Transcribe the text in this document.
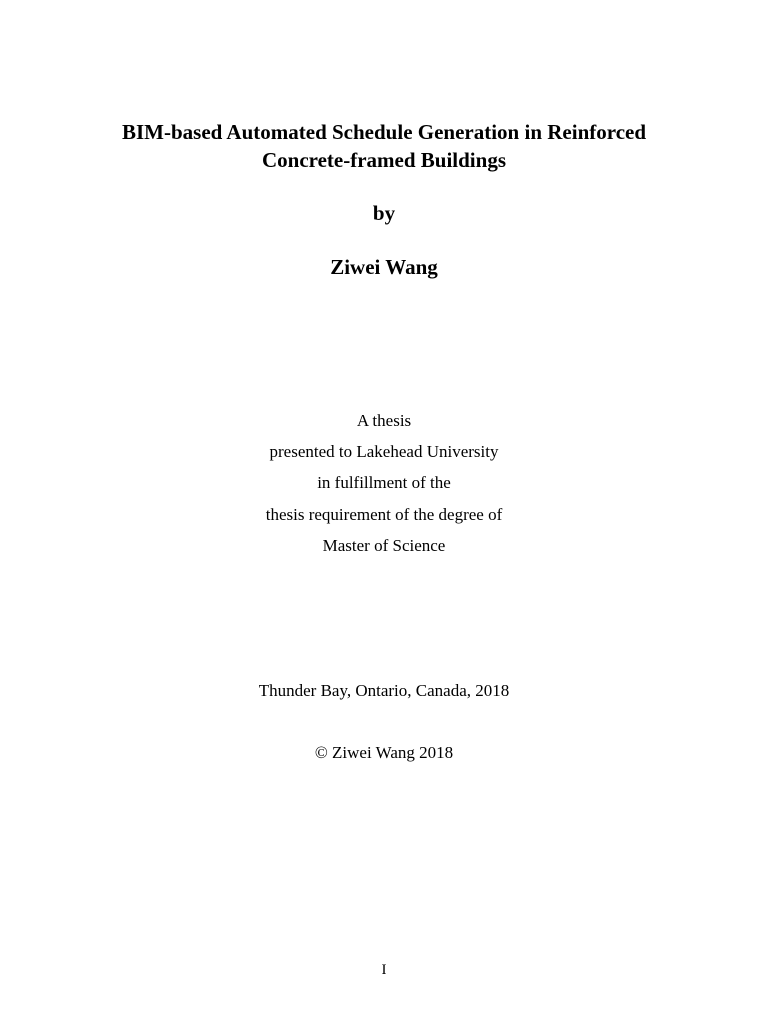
BIM-based Automated Schedule Generation in Reinforced
Concrete-framed Buildings
by
Ziwei Wang
A thesis
presented to Lakehead University
in fulfillment of the
thesis requirement of the degree of
Master of Science
Thunder Bay, Ontario, Canada, 2018
© Ziwei Wang 2018
I
